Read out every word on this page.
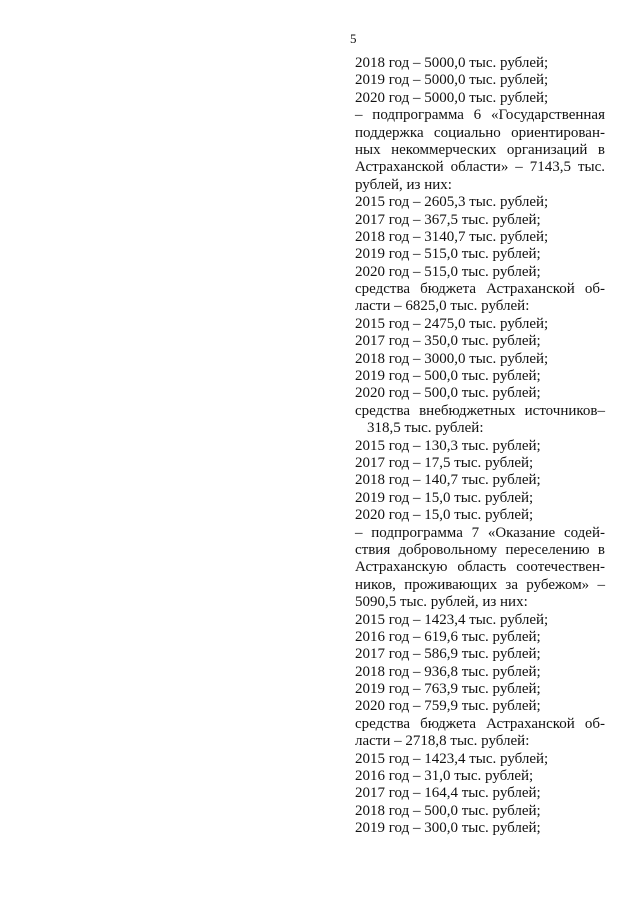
5
2018 год – 5000,0 тыс. рублей;
2019 год – 5000,0 тыс. рублей;
2020 год – 5000,0 тыс. рублей;
– подпрограмма 6 «Государственная
поддержка социально ориентирован-
ных некоммерческих организаций в
Астраханской области» – 7143,5 тыс.
рублей, из них:
2015 год – 2605,3 тыс. рублей;
2017 год – 367,5 тыс. рублей;
2018 год – 3140,7 тыс. рублей;
2019 год – 515,0 тыс. рублей;
2020 год – 515,0 тыс. рублей;
средства бюджета Астраханской об-
ласти – 6825,0 тыс. рублей:
2015 год – 2475,0 тыс. рублей;
2017 год – 350,0 тыс. рублей;
2018 год – 3000,0 тыс. рублей;
2019 год – 500,0 тыс. рублей;
2020 год – 500,0 тыс. рублей;
средства внебюджетных источников–
318,5 тыс. рублей:
2015 год – 130,3 тыс. рублей;
2017 год – 17,5 тыс. рублей;
2018 год – 140,7 тыс. рублей;
2019 год – 15,0 тыс. рублей;
2020 год – 15,0 тыс. рублей;
– подпрограмма 7 «Оказание содей-
ствия добровольному переселению в
Астраханскую область соотечествен-
ников, проживающих за рубежом» –
5090,5 тыс. рублей, из них:
2015 год – 1423,4 тыс. рублей;
2016 год – 619,6 тыс. рублей;
2017 год – 586,9 тыс. рублей;
2018 год – 936,8 тыс. рублей;
2019 год – 763,9 тыс. рублей;
2020 год – 759,9 тыс. рублей;
средства бюджета Астраханской об-
ласти – 2718,8 тыс. рублей:
2015 год – 1423,4 тыс. рублей;
2016 год – 31,0 тыс. рублей;
2017 год – 164,4 тыс. рублей;
2018 год – 500,0 тыс. рублей;
2019 год – 300,0 тыс. рублей;
